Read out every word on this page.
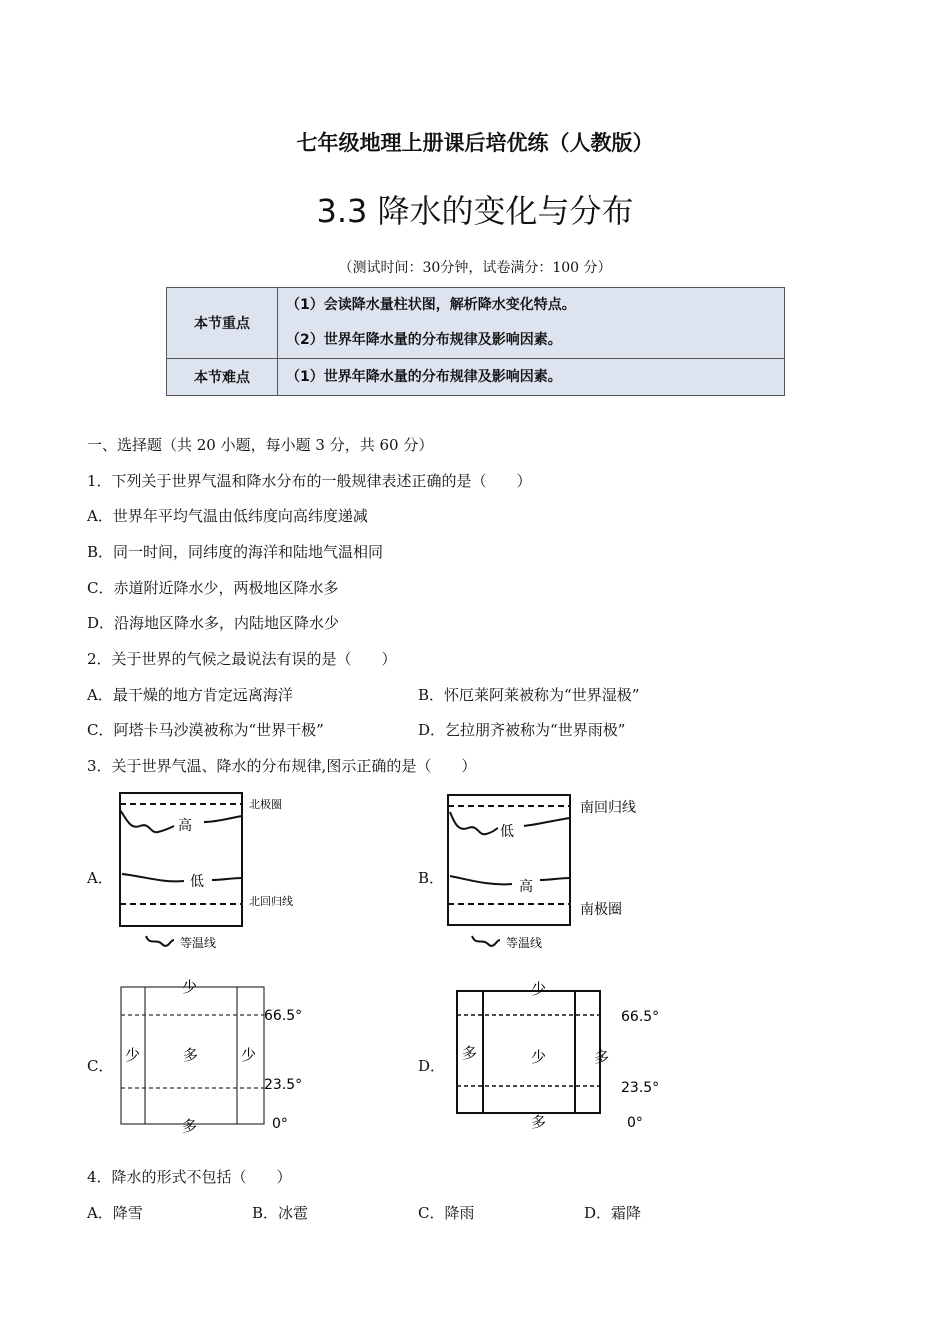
七年级地理上册课后培优练（人教版）
3.3 降水的变化与分布
（测试时间：30分钟，试卷满分：100 分）
本节重点	（1）会读降水量柱状图，解析降水变化特点。
（2）世界年降水量的分布规律及影响因素。

本节难点	（1）世界年降水量的分布规律及影响因素。
一、选择题（共 20 小题，每小题 3 分，共 60 分）
1．下列关于世界气温和降水分布的一般规律表述正确的是（　　）
A．世界年平均气温由低纬度向高纬度递减
B．同一时间，同纬度的海洋和陆地气温相同
C．赤道附近降水少，两极地区降水多
D．沿海地区降水多，内陆地区降水少
2．关于世界的气候之最说法有误的是（　　）
A．最干燥的地方肯定远离海洋	B．怀厄莱阿莱被称为“世界湿极”
C．阿塔卡马沙漠被称为“世界干极”	D．乞拉朋齐被称为“世界雨极”
3．关于世界气温、降水的分布规律,图示正确的是（　　）
A．
高
低
北极圈
北回归线
等温线
B．
低
高
南回归线
南极圈
等温线
C．
少
少	多	少
多
66.5°
23.5°
0°
D．
少
多	少	多
多
66.5°
23.5°
0°
4．降水的形式不包括（　　）
A．降雪	B．冰雹	C．降雨	D．霜降
